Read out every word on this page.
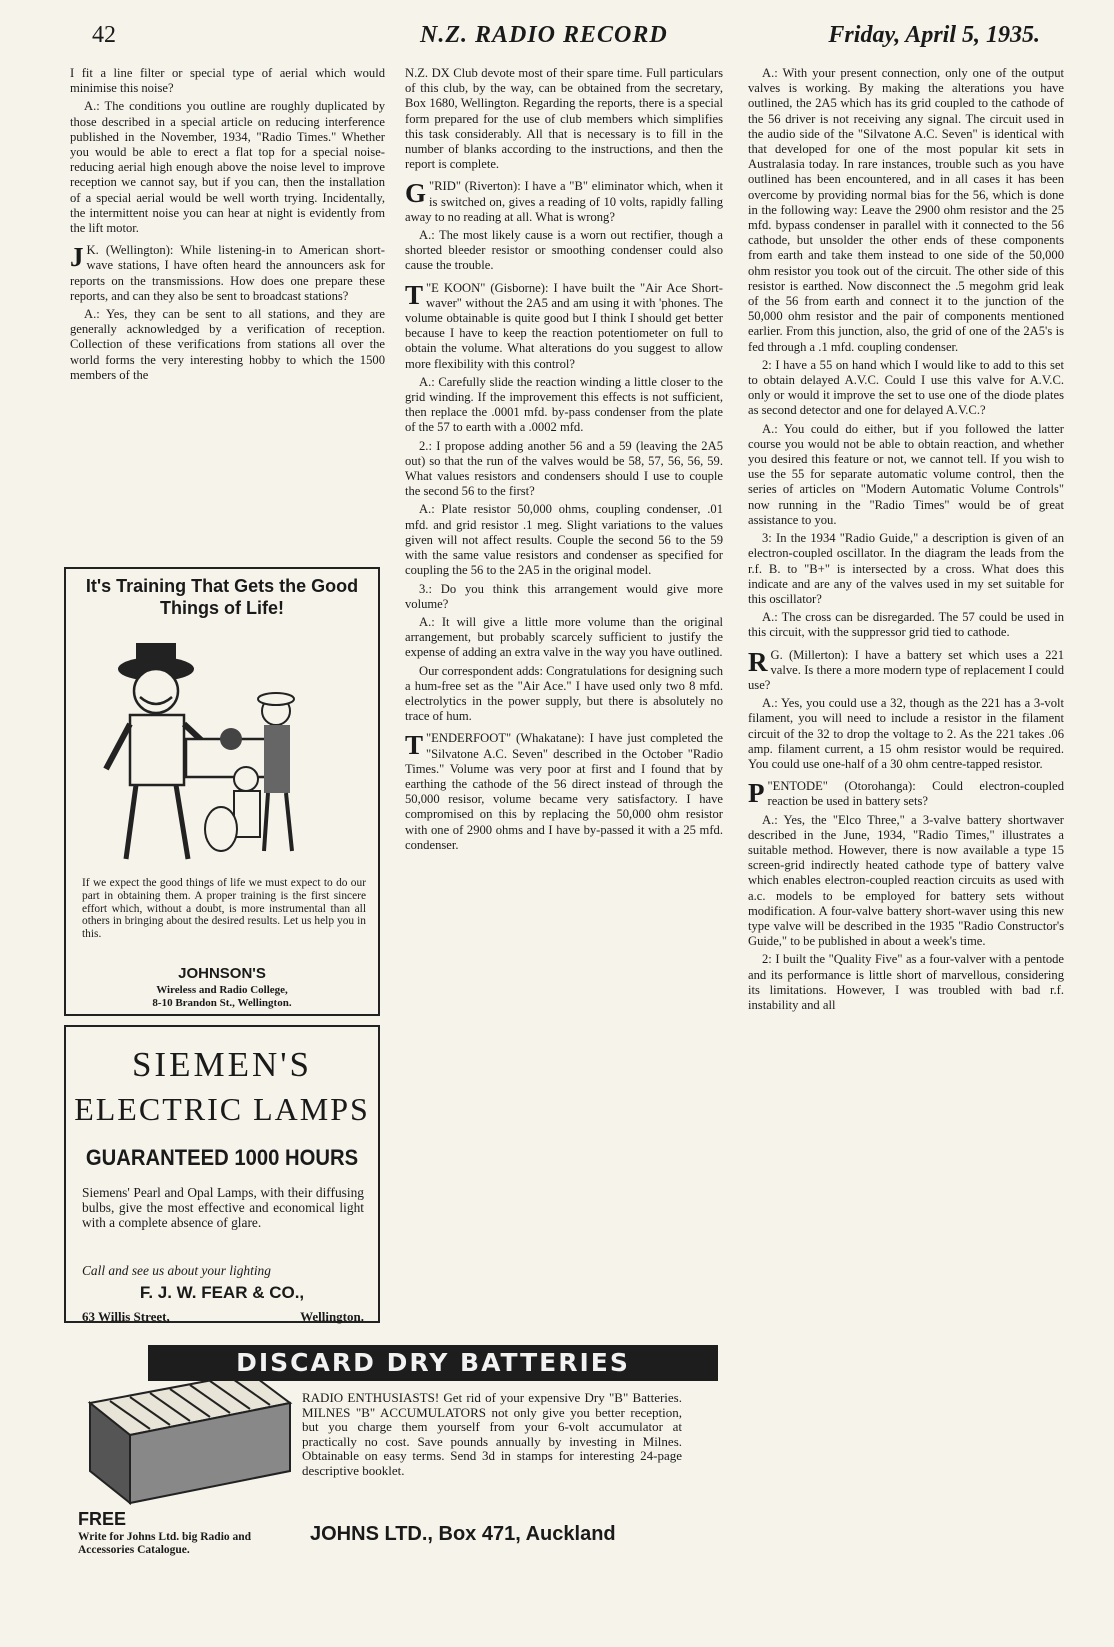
42	N.Z. RADIO RECORD	Friday, April 5, 1935.

I fit a line filter or special type of aerial which would minimise this noise?

A.: The conditions you outline are roughly duplicated by those described in a special article on reducing interference published in the November, 1934, "Radio Times." Whether you would be able to erect a flat top for a special noise-reducing aerial high enough above the noise level to improve reception we cannot say, but if you can, then the installation of a special aerial would be well worth trying. Incidentally, the intermittent noise you can hear at night is evidently from the lift motor.

J K. (Wellington): While listening-in to American short-wave stations, I have often heard the announcers ask for reports on the transmissions. How does one prepare these reports, and can they also be sent to broadcast stations?

A.: Yes, they can be sent to all stations, and they are generally acknowledged by a verification of reception. Collection of these verifications from stations all over the world forms the very interesting hobby to which the 1500 members of the

It's Training That Gets the Good Things of Life!
If we expect the good things of life we must expect to do our part in obtaining them. A proper training is the first sincere effort which, without a doubt, is more instrumental than all others in bringing about the desired results. Let us help you in this.
JOHNSON'S
Wireless and Radio College,
8-10 Brandon St., Wellington.
SIEMEN'S
ELECTRIC LAMPS
GUARANTEED 1000 HOURS
Siemens' Pearl and Opal Lamps, with their diffusing bulbs, give the most effective and economical light with a complete absence of glare.
Call and see us about your lighting
F. J. W. FEAR & CO.,
63 Willis Street,	Wellington.

N.Z. DX Club devote most of their spare time. Full particulars of this club, by the way, can be obtained from the secretary, Box 1680, Wellington. Regarding the reports, there is a special form prepared for the use of club members which simplifies this task considerably. All that is necessary is to fill in the number of blanks according to the instructions, and then the report is complete.

G "RID" (Riverton): I have a "B" eliminator which, when it is switched on, gives a reading of 10 volts, rapidly falling away to no reading at all. What is wrong?

A.: The most likely cause is a worn out rectifier, though a shorted bleeder resistor or smoothing condenser could also cause the trouble.

T "E KOON" (Gisborne): I have built the "Air Ace Short-waver" without the 2A5 and am using it with 'phones. The volume obtainable is quite good but I think I should get better because I have to keep the reaction potentiometer on full to obtain the volume. What alterations do you suggest to allow more flexibility with this control?

A.: Carefully slide the reaction winding a little closer to the grid winding. If the improvement this effects is not sufficient, then replace the .0001 mfd. by-pass condenser from the plate of the 57 to earth with a .0002 mfd.

2.: I propose adding another 56 and a 59 (leaving the 2A5 out) so that the run of the valves would be 58, 57, 56, 56, 59. What values resistors and condensers should I use to couple the second 56 to the first?

A.: Plate resistor 50,000 ohms, coupling condenser, .01 mfd. and grid resistor .1 meg. Slight variations to the values given will not affect results. Couple the second 56 to the 59 with the same value resistors and condenser as specified for coupling the 56 to the 2A5 in the original model.

3.: Do you think this arrangement would give more volume?

A.: It will give a little more volume than the original arrangement, but probably scarcely sufficient to justify the expense of adding an extra valve in the way you have outlined.

Our correspondent adds: Congratulations for designing such a hum-free set as the "Air Ace." I have used only two 8 mfd. electrolytics in the power supply, but there is absolutely no trace of hum.

T "ENDERFOOT" (Whakatane): I have just completed the "Silvatone A.C. Seven" described in the October "Radio Times." Volume was very poor at first and I found that by earthing the cathode of the 56 direct instead of through the 50,000 resisor, volume became very satisfactory. I have compromised on this by replacing the 50,000 ohm resistor with one of 2900 ohms and I have by-passed it with a 25 mfd. condenser.

A.: With your present connection, only one of the output valves is working. By making the alterations you have outlined, the 2A5 which has its grid coupled to the cathode of the 56 driver is not receiving any signal. The circuit used in the audio side of the "Silvatone A.C. Seven" is identical with that developed for one of the most popular kit sets in Australasia today. In rare instances, trouble such as you have outlined has been encountered, and in all cases it has been overcome by providing normal bias for the 56, which is done in the following way: Leave the 2900 ohm resistor and the 25 mfd. bypass condenser in parallel with it connected to the 56 cathode, but unsolder the other ends of these components from earth and take them instead to one side of the 50,000 ohm resistor you took out of the circuit. The other side of this resistor is earthed. Now disconnect the .5 megohm grid leak of the 56 from earth and connect it to the junction of the 50,000 ohm resistor and the pair of components mentioned earlier. From this junction, also, the grid of one of the 2A5's is fed through a .1 mfd. coupling condenser.

2: I have a 55 on hand which I would like to add to this set to obtain delayed A.V.C. Could I use this valve for A.V.C. only or would it improve the set to use one of the diode plates as second detector and one for delayed A.V.C.?

A.: You could do either, but if you followed the latter course you would not be able to obtain reaction, and whether you desired this feature or not, we cannot tell. If you wish to use the 55 for separate automatic volume control, then the series of articles on "Modern Automatic Volume Controls" now running in the "Radio Times" would be of great assistance to you.

3: In the 1934 "Radio Guide," a description is given of an electron-coupled oscillator. In the diagram the leads from the r.f. B. to "B+" is intersected by a cross. What does this indicate and are any of the valves used in my set suitable for this oscillator?

A.: The cross can be disregarded. The 57 could be used in this circuit, with the suppressor grid tied to cathode.

R G. (Millerton): I have a battery set which uses a 221 valve. Is there a more modern type of replacement I could use?

A.: Yes, you could use a 32, though as the 221 has a 3-volt filament, you will need to include a resistor in the filament circuit of the 32 to drop the voltage to 2. As the 221 takes .06 amp. filament current, a 15 ohm resistor would be required. You could use one-half of a 30 ohm centre-tapped resistor.

P "ENTODE" (Otorohanga): Could electron-coupled reaction be used in battery sets?

A.: Yes, the "Elco Three," a 3-valve battery shortwaver described in the June, 1934, "Radio Times," illustrates a suitable method. However, there is now available a type 15 screen-grid indirectly heated cathode type of battery valve which enables electron-coupled reaction circuits as used with a.c. models to be employed for battery sets without modification. A four-valve battery short-waver using this new type valve will be described in the 1935 "Radio Constructor's Guide," to be published in about a week's time.

2: I built the "Quality Five" as a four-valver with a pentode and its performance is little short of marvellous, considering its limitations. However, I was troubled with bad r.f. instability and all

DISCARD DRY BATTERIES
RADIO ENTHUSIASTS! Get rid of your expensive Dry "B" Batteries. MILNES "B" ACCUMULATORS not only give you better reception, but you charge them yourself from your 6-volt accumulator at practically no cost. Save pounds annually by investing in Milnes. Obtainable on easy terms. Send 3d in stamps for interesting 24-page descriptive booklet.
FREE
Write for Johns Ltd. big Radio and Accessories Catalogue.
JOHNS LTD., Box 471, Auckland
